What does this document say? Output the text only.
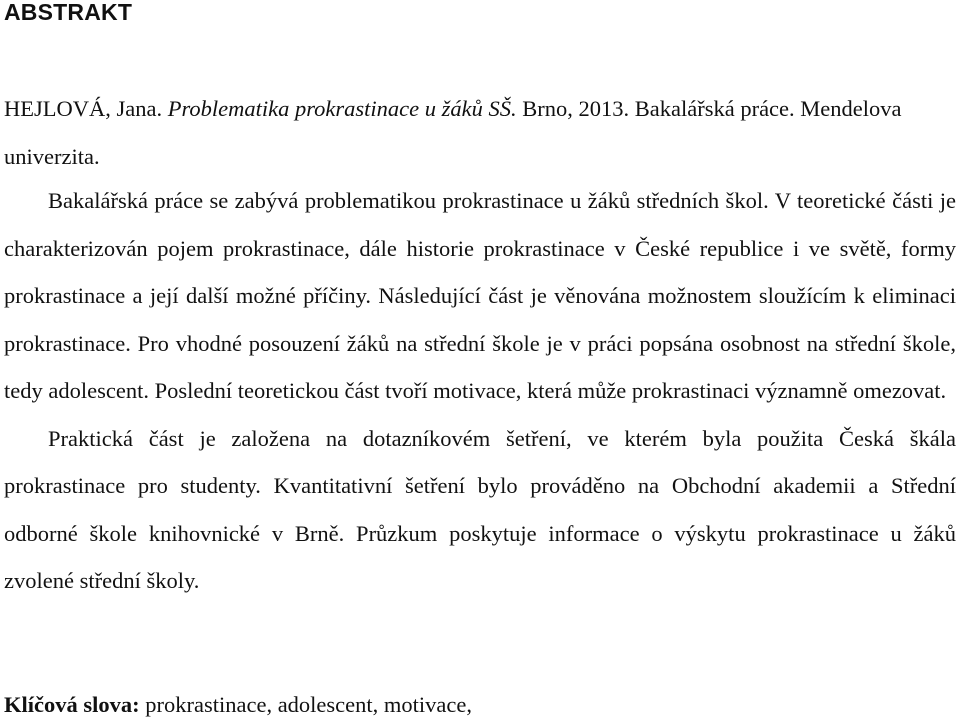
ABSTRAKT
HEJLOVÁ, Jana. Problematika prokrastinace u žáků SŠ. Brno, 2013. Bakalářská práce. Mendelova univerzita.

Bakalářská práce se zabývá problematikou prokrastinace u žáků středních škol. V teoretické části je charakterizován pojem prokrastinace, dále historie prokrastinace v České republice i ve světě, formy prokrastinace a její další možné příčiny. Následující část je věnována možnostem sloužícím k eliminaci prokrastinace. Pro vhodné posouzení žáků na střední škole je v práci popsána osobnost na střední škole, tedy adolescent. Poslední teoretickou část tvoří motivace, která může prokrastinaci významně omezovat.

Praktická část je založena na dotazníkovém šetření, ve kterém byla použita Česká škála prokrastinace pro studenty. Kvantitativní šetření bylo prováděno na Obchodní akademii a Střední odborné škole knihovnické v Brně. Průzkum poskytuje informace o výskytu prokrastinace u žáků zvolené střední školy.

Klíčová slova: prokrastinace, adolescent, motivace,
